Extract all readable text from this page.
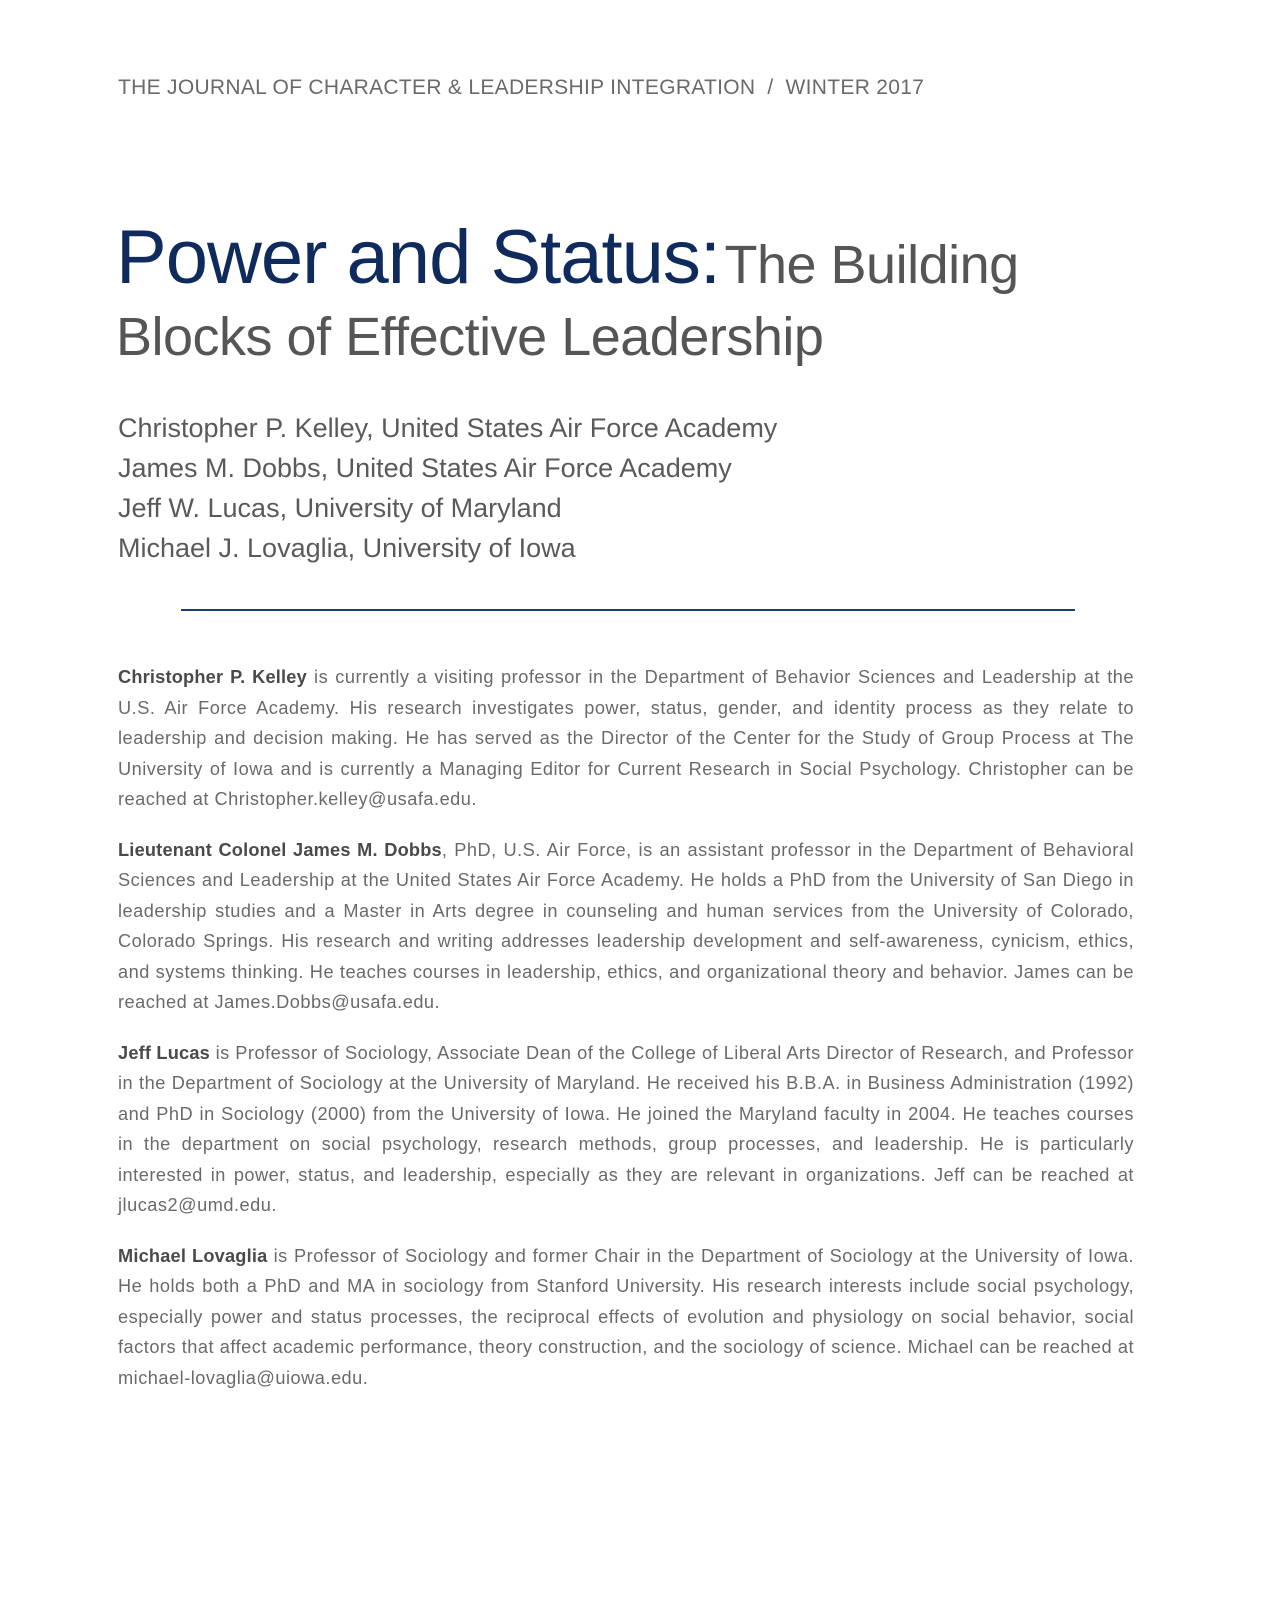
THE JOURNAL OF CHARACTER & LEADERSHIP INTEGRATION / WINTER 2017
Power and Status: The Building
Blocks of Effective Leadership
Christopher P. Kelley, United States Air Force Academy
James M. Dobbs, United States Air Force Academy
Jeff W. Lucas, University of Maryland
Michael J. Lovaglia, University of Iowa

Christopher P. Kelley is currently a visiting professor in the Department of Behavior Sciences and Leadership at the U.S. Air Force Academy. His research investigates power, status, gender, and identity process as they relate to leadership and decision making. He has served as the Director of the Center for the Study of Group Process at The University of Iowa and is currently a Managing Editor for Current Research in Social Psychology. Christopher can be reached at Christopher.kelley@usafa.edu.

Lieutenant Colonel James M. Dobbs, PhD, U.S. Air Force, is an assistant professor in the Department of Behavioral Sciences and Leadership at the United States Air Force Academy. He holds a PhD from the University of San Diego in leadership studies and a Master in Arts degree in counseling and human services from the University of Colorado, Colorado Springs. His research and writing addresses leadership development and self-awareness, cynicism, ethics, and systems thinking. He teaches courses in leadership, ethics, and organizational theory and behavior. James can be reached at James.Dobbs@usafa.edu.

Jeff Lucas is Professor of Sociology, Associate Dean of the College of Liberal Arts Director of Research, and Professor in the Department of Sociology at the University of Maryland. He received his B.B.A. in Business Administration (1992) and PhD in Sociology (2000) from the University of Iowa. He joined the Maryland faculty in 2004. He teaches courses in the department on social psychology, research methods, group processes, and leadership. He is particularly interested in power, status, and leadership, especially as they are relevant in organizations. Jeff can be reached at jlucas2@umd.edu.

Michael Lovaglia is Professor of Sociology and former Chair in the Department of Sociology at the University of Iowa. He holds both a PhD and MA in sociology from Stanford University. His research interests include social psychology, especially power and status processes, the reciprocal effects of evolution and physiology on social behavior, social factors that affect academic performance, theory construction, and the sociology of science. Michael can be reached at michael-lovaglia@uiowa.edu.
